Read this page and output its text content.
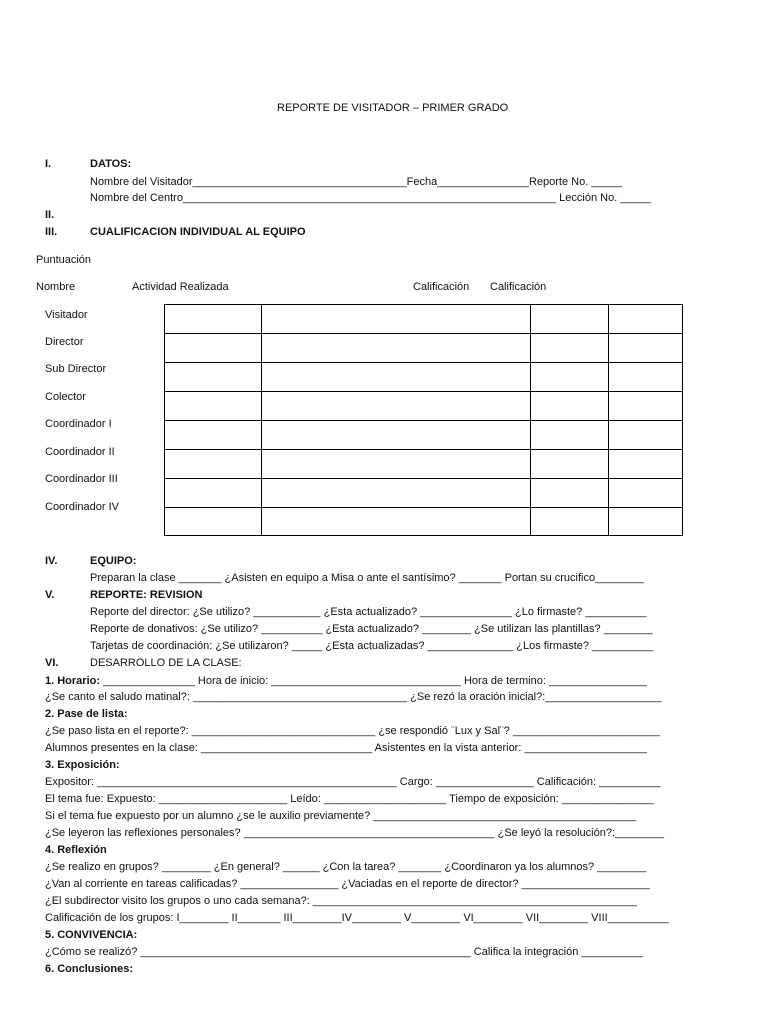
REPORTE DE VISITADOR – PRIMER GRADO
I.	DATOS:
Nombre del Visitador___________________________________Fecha_______________Reporte No. _____
Nombre del Centro_____________________________________________________________ Lección No. _____
II.
III.	CUALIFICACION INDIVIDUAL AL EQUIPO
Puntuación
Nombre	Actividad Realizada	Calificación Calificación
Visitador
Director
Sub Director
Colector
Coordinador I
Coordinador II
Coordinador III
Coordinador IV
IV.	EQUIPO:
Preparan la clase _______ ¿Asisten en equipo a Misa o ante el santísimo? _______ Portan su crucifico________
V.	REPORTE: REVISION
Reporte del director: ¿Se utilizo? ___________ ¿Esta actualizado? _______________ ¿Lo firmaste? __________
Reporte de donativos: ¿Se utilizo? __________ ¿Esta actualizado? ________ ¿Se utilizan las plantillas? ________
Tarjetas de coordinación: ¿Se utilizaron? _____ ¿Esta actualizadas? ______________ ¿Los firmaste? __________
VI.	DESARROLLO DE LA CLASE:
1. Horario: _______________ Hora de inicio: _______________________________ Hora de termino: ________________
¿Se canto el saludo matinal?: ___________________________________ ¿Se rezó la oración inicial?:___________________
2. Pase de lista:
¿Se paso lista en el reporte?: ______________________________ ¿se respondió ¨Lux y Sal¨? ________________________
Alumnos presentes en la clase: ____________________________ Asistentes en la vista anterior: ____________________
3. Exposición:
Expositor: _________________________________________________ Cargo: ________________ Calificación: __________
El tema fue: Expuesto: _____________________ Leído: ____________________ Tiempo de exposición: _______________
Si el tema fue expuesto por un alumno ¿se le auxilio previamente? ___________________________________________
¿Se leyeron las reflexiones personales? _________________________________________ ¿Se leyó la resolución?:________
4. Reflexión
¿Se realizo en grupos? ________ ¿En general? ______ ¿Con la tarea? _______ ¿Coordinaron ya los alumnos? ________
¿Van al corriente en tareas calificadas? ________________ ¿Vaciadas en el reporte de director? _____________________
¿El subdirector visito los grupos o uno cada semana?: _____________________________________________________
Calificación de los grupos: I________ II_______ III________IV________ V________ VI________ VII________ VIII__________
5. CONVIVENCIA:
¿Cómo se realizó? ______________________________________________________ Califica la integración __________
6. Conclusiones:
